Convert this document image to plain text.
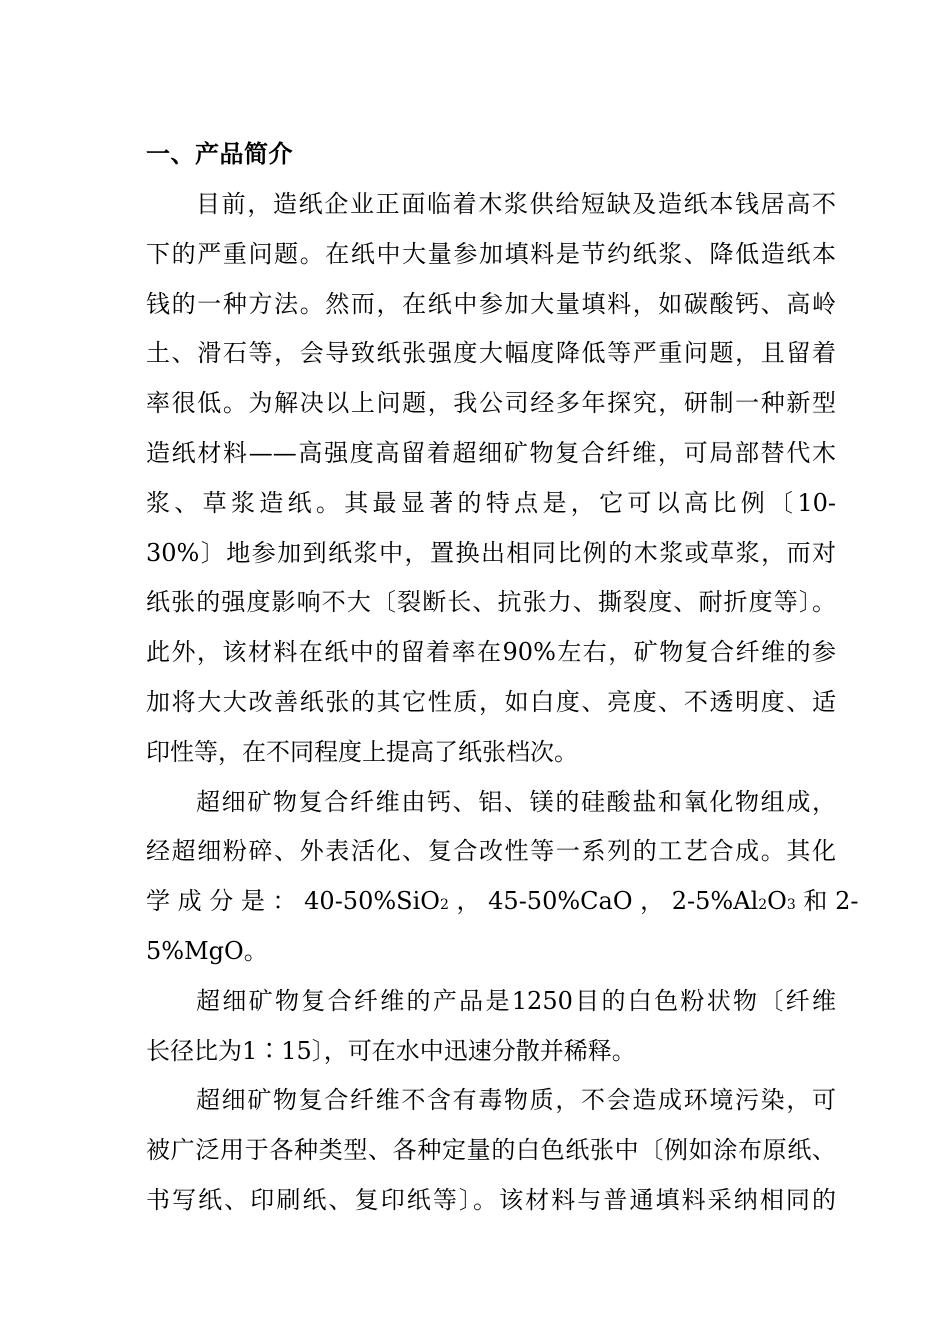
一、产品简介
目前，造纸企业正面临着木浆供给短缺及造纸本钱居高不
下的严重问题。在纸中大量参加填料是节约纸浆、降低造纸本
钱的一种方法。然而，在纸中参加大量填料，如碳酸钙、高岭
土、滑石等，会导致纸张强度大幅度降低等严重问题，且留着
率很低。为解决以上问题，我公司经多年探究，研制一种新型
造纸材料——高强度高留着超细矿物复合纤维，可局部替代木
浆、草浆造纸。其最显著的特点是，它可以高比例〔10-
30%〕地参加到纸浆中，置换出相同比例的木浆或草浆，而对
纸张的强度影响不大〔裂断长、抗张力、撕裂度、耐折度等〕。
此外，该材料在纸中的留着率在90%左右，矿物复合纤维的参
加将大大改善纸张的其它性质，如白度、亮度、不透明度、适
印性等，在不同程度上提高了纸张档次。
超细矿物复合纤维由钙、铝、镁的硅酸盐和氧化物组成，
经超细粉碎、外表活化、复合改性等一系列的工艺合成。其化
学 成 分 是 ： 40-50%SiO 2 ， 45-50%CaO ， 2-5%Al 2 O 3 和 2-
5%MgO。
超细矿物复合纤维的产品是1250目的白色粉状物〔纤维
长径比为1∶15〕，可在水中迅速分散并稀释。
超细矿物复合纤维不含有毒物质，不会造成环境污染，可
被广泛用于各种类型、各种定量的白色纸张中〔例如涂布原纸、
书写纸、印刷纸、复印纸等〕。该材料与普通填料采纳相同的
